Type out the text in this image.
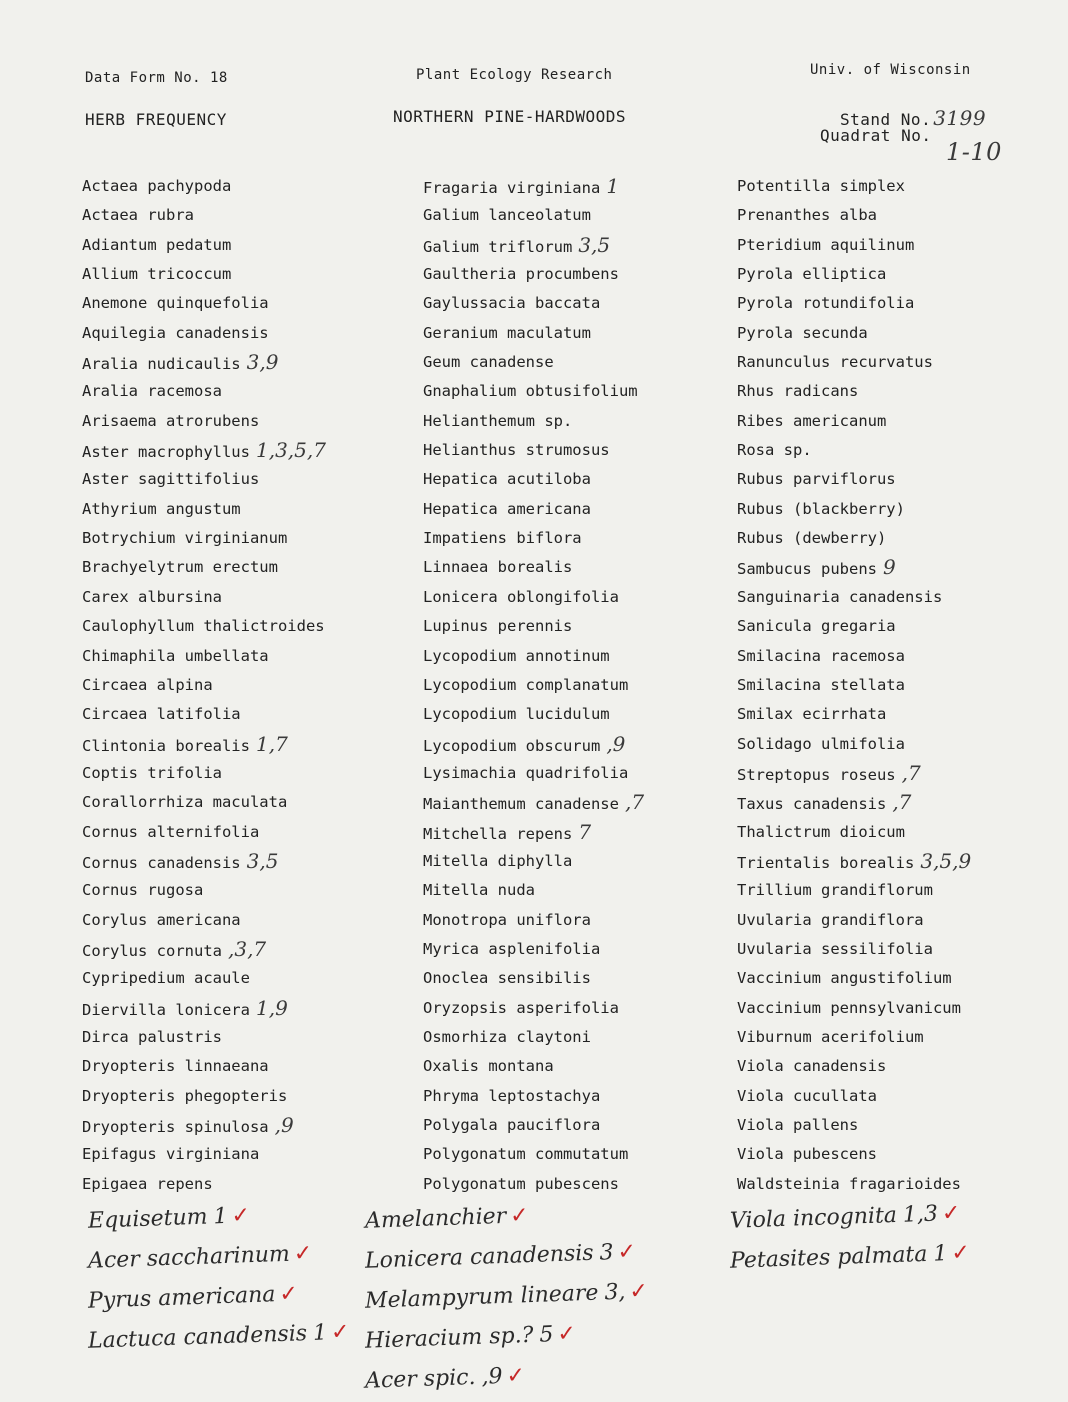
Data Form No. 18	Plant Ecology Research	Univ. of Wisconsin
HERB FREQUENCY	NORTHERN PINE-HARDWOODS	Stand No. 3199
Quadrat No.
1-10
Actaea pachypoda
Actaea rubra
Adiantum pedatum
Allium tricoccum
Anemone quinquefolia
Aquilegia canadensis
Aralia nudicaulis 3,9
Aralia racemosa
Arisaema atrorubens
Aster macrophyllus 1,3,5,7
Aster sagittifolius
Athyrium angustum
Botrychium virginianum
Brachyelytrum erectum
Carex albursina
Caulophyllum thalictroides
Chimaphila umbellata
Circaea alpina
Circaea latifolia
Clintonia borealis 1,7
Coptis trifolia
Corallorrhiza maculata
Cornus alternifolia
Cornus canadensis 3,5
Cornus rugosa
Corylus americana
Corylus cornuta ,3,7
Cypripedium acaule
Diervilla lonicera 1,9
Dirca palustris
Dryopteris linnaeana
Dryopteris phegopteris
Dryopteris spinulosa ,9
Epifagus virginiana
Epigaea repens
Fragaria virginiana 1
Galium lanceolatum
Galium triflorum 3,5
Gaultheria procumbens
Gaylussacia baccata
Geranium maculatum
Geum canadense
Gnaphalium obtusifolium
Helianthemum sp.
Helianthus strumosus
Hepatica acutiloba
Hepatica americana
Impatiens biflora
Linnaea borealis
Lonicera oblongifolia
Lupinus perennis
Lycopodium annotinum
Lycopodium complanatum
Lycopodium lucidulum
Lycopodium obscurum ,9
Lysimachia quadrifolia
Maianthemum canadense ,7
Mitchella repens 7
Mitella diphylla
Mitella nuda
Monotropa uniflora
Myrica asplenifolia
Onoclea sensibilis
Oryzopsis asperifolia
Osmorhiza claytoni
Oxalis montana
Phryma leptostachya
Polygala pauciflora
Polygonatum commutatum
Polygonatum pubescens
Potentilla simplex
Prenanthes alba
Pteridium aquilinum
Pyrola elliptica
Pyrola rotundifolia
Pyrola secunda
Ranunculus recurvatus
Rhus radicans
Ribes americanum
Rosa sp.
Rubus parviflorus
Rubus (blackberry)
Rubus (dewberry)
Sambucus pubens 9
Sanguinaria canadensis
Sanicula gregaria
Smilacina racemosa
Smilacina stellata
Smilax ecirrhata
Solidago ulmifolia
Streptopus roseus ,7
Taxus canadensis ,7
Thalictrum dioicum
Trientalis borealis 3,5,9
Trillium grandiflorum
Uvularia grandiflora
Uvularia sessilifolia
Vaccinium angustifolium
Vaccinium pennsylvanicum
Viburnum acerifolium
Viola canadensis
Viola cucullata
Viola pallens
Viola pubescens
Waldsteinia fragarioides
Equisetum 1 ✓
Acer saccharinum ✓
Pyrus americana ✓
Lactuca canadensis 1 ✓
Amelanchier ✓
Lonicera canadensis 3 ✓
Melampyrum lineare 3, ✓
Hieracium sp.? 5 ✓
Acer spic. ,9 ✓
Viola incognita 1,3 ✓
Petasites palmata 1 ✓
